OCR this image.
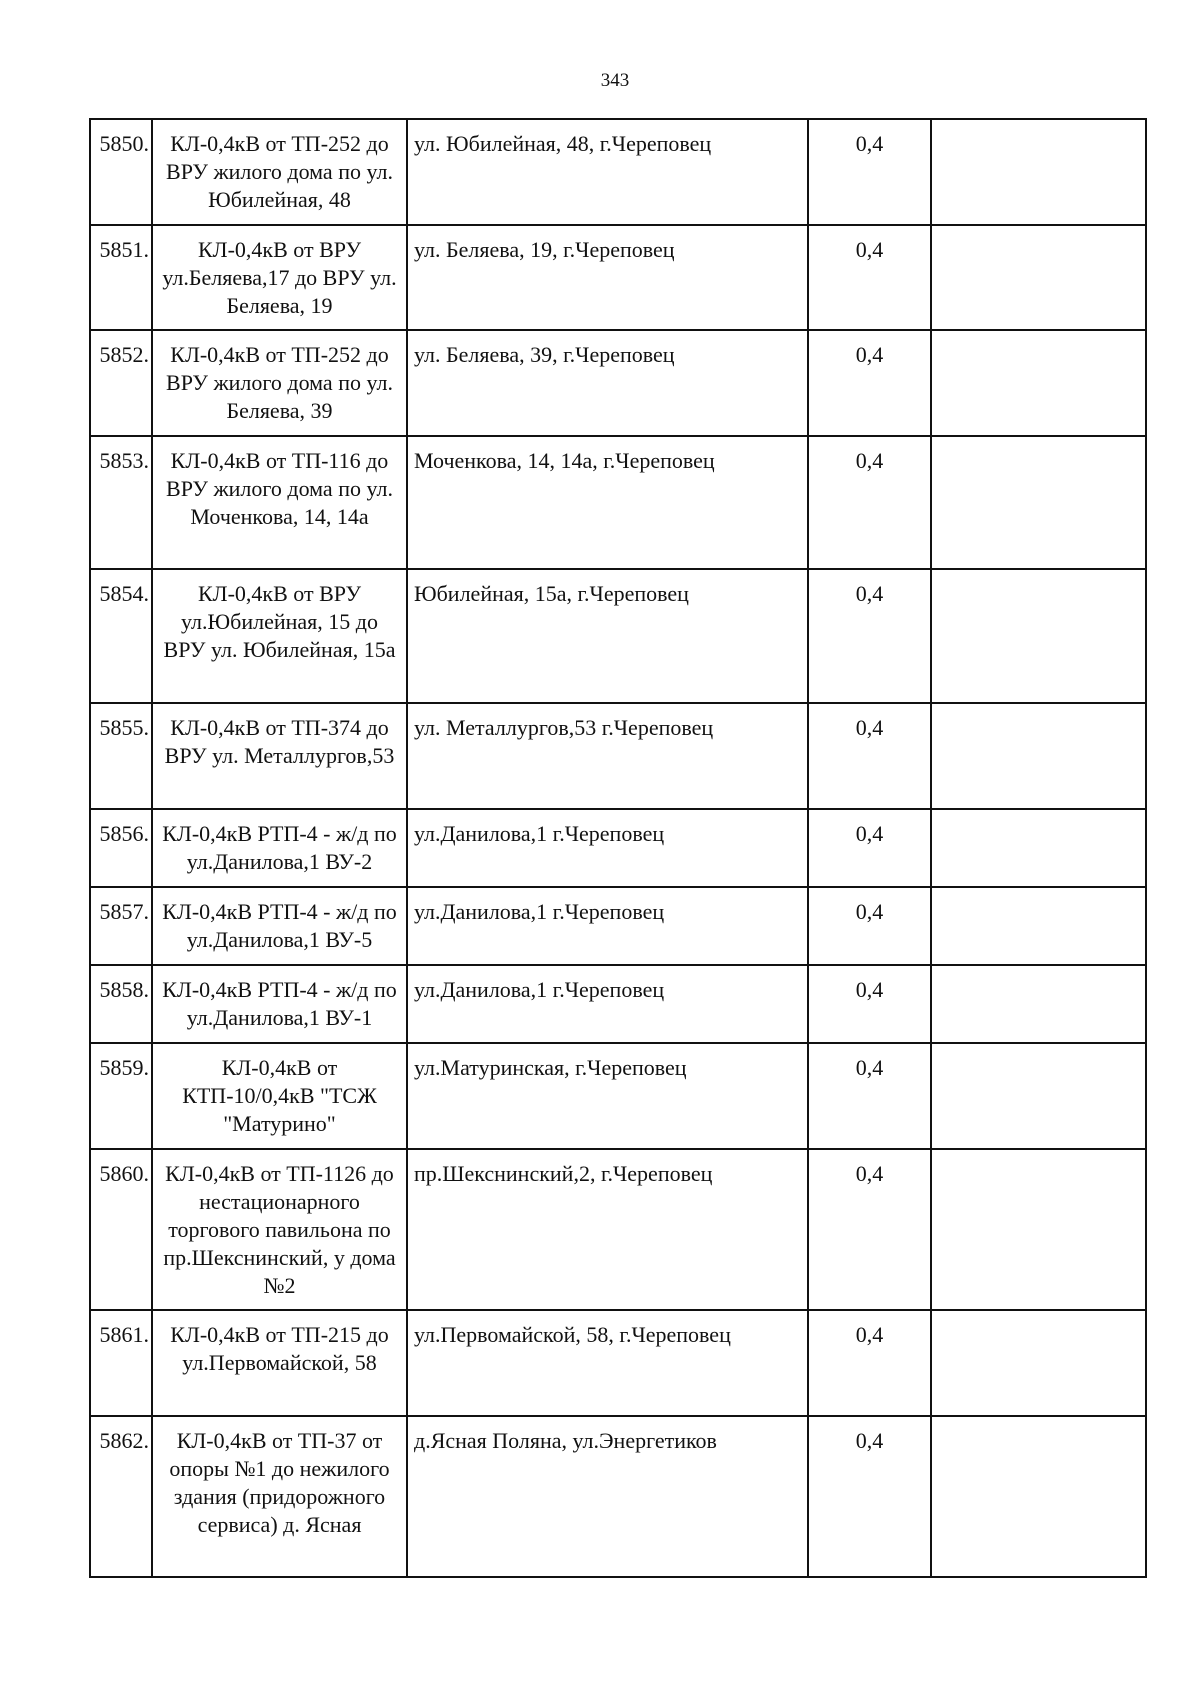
343
5850.	КЛ-0,4кВ от ТП-252 до ВРУ жилого дома по ул. Юбилейная, 48	ул. Юбилейная, 48, г.Череповец	0,4	
5851.	КЛ-0,4кВ от ВРУ ул.Беляева,17 до ВРУ ул. Беляева, 19	ул. Беляева, 19, г.Череповец	0,4	
5852.	КЛ-0,4кВ от ТП-252 до ВРУ жилого дома по ул. Беляева, 39	ул. Беляева, 39, г.Череповец	0,4	
5853.	КЛ-0,4кВ от ТП-116 до ВРУ жилого дома по ул. Моченкова, 14, 14а	Моченкова, 14, 14а, г.Череповец	0,4	
5854.	КЛ-0,4кВ от ВРУ ул.Юбилейная, 15 до ВРУ ул. Юбилейная, 15а	Юбилейная, 15а, г.Череповец	0,4	
5855.	КЛ-0,4кВ от ТП-374 до ВРУ ул. Металлургов,53	ул. Металлургов,53 г.Череповец	0,4	
5856.	КЛ-0,4кВ РТП-4 - ж/д по ул.Данилова,1 ВУ-2	ул.Данилова,1 г.Череповец	0,4	
5857.	КЛ-0,4кВ РТП-4 - ж/д по ул.Данилова,1 ВУ-5	ул.Данилова,1 г.Череповец	0,4	
5858.	КЛ-0,4кВ РТП-4 - ж/д по ул.Данилова,1 ВУ-1	ул.Данилова,1 г.Череповец	0,4	
5859.	КЛ-0,4кВ от КТП-10/0,4кВ "ТСЖ "Матурино"	ул.Матуринская, г.Череповец	0,4	
5860.	КЛ-0,4кВ от ТП-1126 до нестационарного торгового павильона по пр.Шекснинский, у дома №2	пр.Шекснинский,2, г.Череповец	0,4	
5861.	КЛ-0,4кВ от ТП-215 до ул.Первомайской, 58	ул.Первомайской, 58, г.Череповец	0,4	
5862.	КЛ-0,4кВ от ТП-37 от опоры №1 до нежилого здания (придорожного сервиса) д. Ясная	д.Ясная Поляна, ул.Энергетиков	0,4	
